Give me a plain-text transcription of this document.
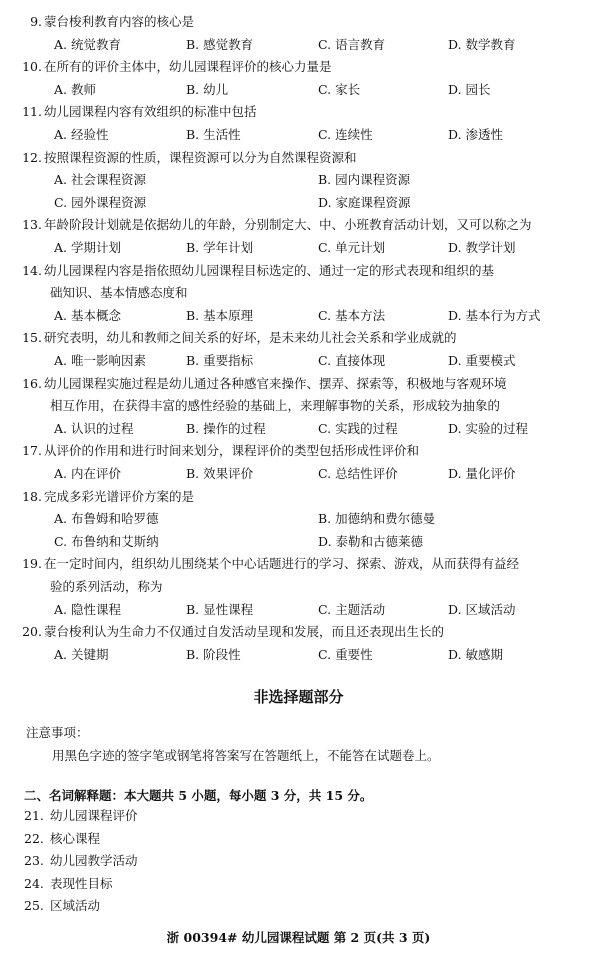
9. 蒙台梭利教育内容的核心是
A. 统觉教育	B. 感觉教育	C. 语言教育	D. 数学教育
10. 在所有的评价主体中，幼儿园课程评价的核心力量是
A. 教师	B. 幼儿	C. 家长	D. 园长
11. 幼儿园课程内容有效组织的标准中包括
A. 经验性	B. 生活性	C. 连续性	D. 渗透性
12. 按照课程资源的性质，课程资源可以分为自然课程资源和
A. 社会课程资源	B. 园内课程资源
C. 园外课程资源	D. 家庭课程资源
13. 年龄阶段计划就是依据幼儿的年龄，分别制定大、中、小班教育活动计划，又可以称之为
A. 学期计划	B. 学年计划	C. 单元计划	D. 教学计划
14. 幼儿园课程内容是指依照幼儿园课程目标选定的、通过一定的形式表现和组织的基
础知识、基本情感态度和
A. 基本概念	B. 基本原理	C. 基本方法	D. 基本行为方式
15. 研究表明，幼儿和教师之间关系的好坏，是未来幼儿社会关系和学业成就的
A. 唯一影响因素	B. 重要指标	C. 直接体现	D. 重要模式
16. 幼儿园课程实施过程是幼儿通过各种感官来操作、摆弄、探索等，积极地与客观环境
相互作用，在获得丰富的感性经验的基础上，来理解事物的关系，形成较为抽象的
A. 认识的过程	B. 操作的过程	C. 实践的过程	D. 实验的过程
17. 从评价的作用和进行时间来划分，课程评价的类型包括形成性评价和
A. 内在评价	B. 效果评价	C. 总结性评价	D. 量化评价
18. 完成多彩光谱评价方案的是
A. 布鲁姆和哈罗德	B. 加德纳和费尔德曼
C. 布鲁纳和艾斯纳	D. 泰勒和古德莱德
19. 在一定时间内，组织幼儿围绕某个中心话题进行的学习、探索、游戏，从而获得有益经
验的系列活动，称为
A. 隐性课程	B. 显性课程	C. 主题活动	D. 区域活动
20. 蒙台梭利认为生命力不仅通过自发活动呈现和发展，而且还表现出生长的
A. 关键期	B. 阶段性	C. 重要性	D. 敏感期
非选择题部分
注意事项：
用黑色字迹的签字笔或钢笔将答案写在答题纸上，不能答在试题卷上。
二、名词解释题：本大题共 5 小题，每小题 3 分，共 15 分。
21. 幼儿园课程评价
22. 核心课程
23. 幼儿园教学活动
24. 表现性目标
25. 区域活动
浙 00394# 幼儿园课程试题 第 2 页(共 3 页)
